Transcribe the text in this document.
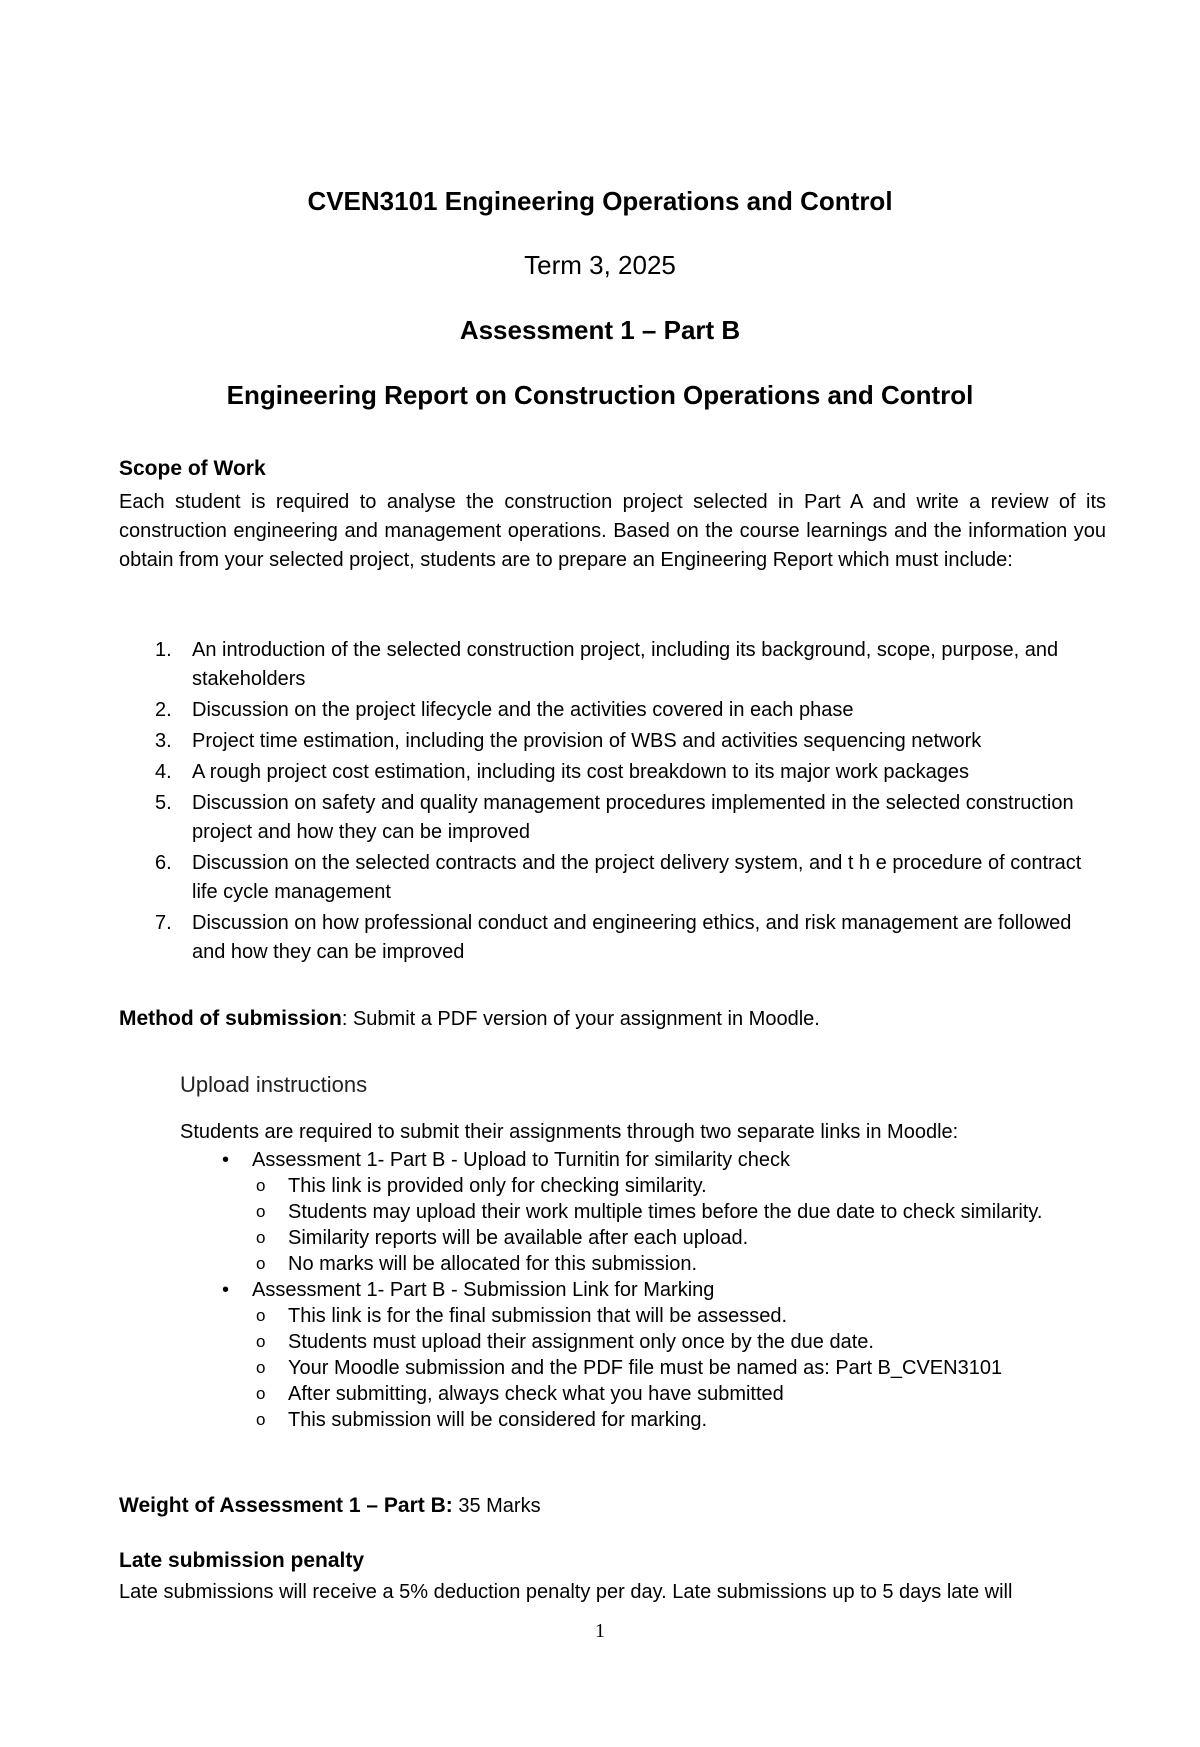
CVEN3101 Engineering Operations and Control
Term 3, 2025
Assessment 1 – Part B
Engineering Report on Construction Operations and Control
Scope of Work
Each student is required to analyse the construction project selected in Part A and write a review of its construction engineering and management operations. Based on the course learnings and the information you obtain from your selected project, students are to prepare an Engineering Report which must include:
1. An introduction of the selected construction project, including its background, scope, purpose, and stakeholders
2. Discussion on the project lifecycle and the activities covered in each phase
3. Project time estimation, including the provision of WBS and activities sequencing network
4. A rough project cost estimation, including its cost breakdown to its major work packages
5. Discussion on safety and quality management procedures implemented in the selected construction project and how they can be improved
6. Discussion on the selected contracts and the project delivery system, and t h e procedure of contract life cycle management
7. Discussion on how professional conduct and engineering ethics, and risk management are followed and how they can be improved
Method of submission: Submit a PDF version of your assignment in Moodle.
Upload instructions
Students are required to submit their assignments through two separate links in Moodle:
• Assessment 1- Part B - Upload to Turnitin for similarity check
o This link is provided only for checking similarity.
o Students may upload their work multiple times before the due date to check similarity.
o Similarity reports will be available after each upload.
o No marks will be allocated for this submission.
• Assessment 1- Part B - Submission Link for Marking
o This link is for the final submission that will be assessed.
o Students must upload their assignment only once by the due date.
o Your Moodle submission and the PDF file must be named as: Part B_CVEN3101
o After submitting, always check what you have submitted
o This submission will be considered for marking.
Weight of Assessment 1 – Part B: 35 Marks
Late submission penalty
Late submissions will receive a 5% deduction penalty per day. Late submissions up to 5 days late will
1
